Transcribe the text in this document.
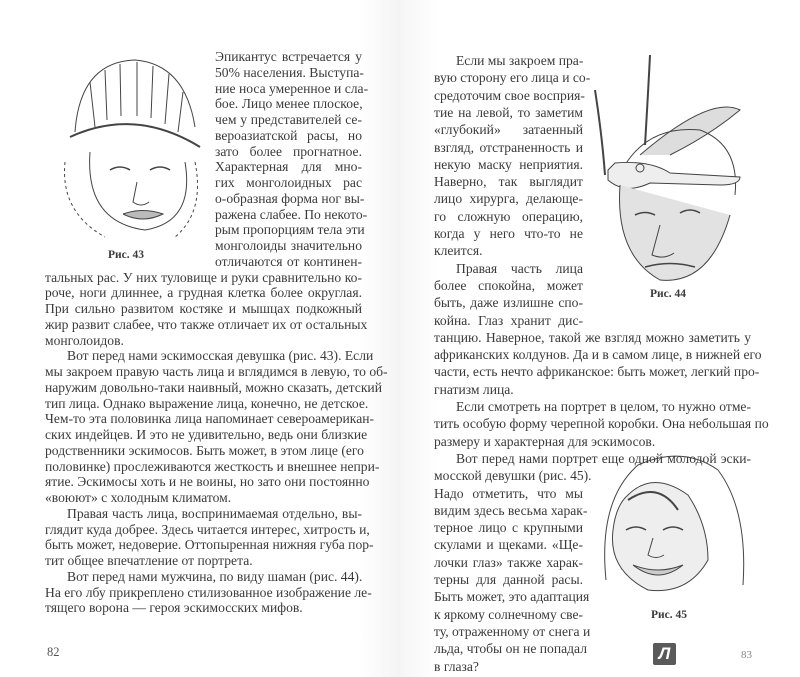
Рис. 43
Рис. 44
Рис. 45
82	83
Л
Эпикантус встречается у
50% населения. Выступа-
ние носа умеренное и сла-
бое. Лицо менее плоское,
чем у представителей се-
вероазиатской расы, но
зато более прогнатное.
Характерная для мно-
гих монголоидных рас
о-образная форма ног вы-
ражена слабее. По некото-
рым пропорциям тела эти
монголоиды значительно
отличаются от континен-
тальных рас. У них туловище и руки сравнительно ко-
роче, ноги длиннее, а грудная клетка более округлая.
При сильно развитом костяке и мышцах подкожный
жир развит слабее, что также отличает их от остальных
монголоидов.
Вот перед нами эскимосская девушка (рис. 43). Если
мы закроем правую часть лица и вглядимся в левую, то об-
наружим довольно-таки наивный, можно сказать, детский
тип лица. Однако выражение лица, конечно, не детское.
Чем-то эта половинка лица напоминает североамерикан-
ских индейцев. И это не удивительно, ведь они близкие
родственники эскимосов. Быть может, в этом лице (его
половинке) прослеживаются жесткость и внешнее непри-
ятие. Эскимосы хоть и не воины, но зато они постоянно
«воюют» с холодным климатом.
Правая часть лица, воспринимаемая отдельно, вы-
глядит куда добрее. Здесь читается интерес, хитрость и,
быть может, недоверие. Оттопыренная нижняя губа пор-
тит общее впечатление от портрета.
Вот перед нами мужчина, по виду шаман (рис. 44).
На его лбу прикреплено стилизованное изображение ле-
тящего ворона — героя эскимосских мифов.
Если мы закроем пра-
вую сторону его лица и со-
средоточим свое восприя-
тие на левой, то заметим
«глубокий» затаенный
взгляд, отстраненность и
некую маску неприятия.
Наверно, так выглядит
лицо хирурга, делающе-
го сложную операцию,
когда у него что-то не
клеится.
Правая часть лица
более спокойна, может
быть, даже излишне спо-
койна. Глаз хранит дис-
танцию. Наверное, такой же взгляд можно заметить у
африканских колдунов. Да и в самом лице, в нижней его
части, есть нечто африканское: быть может, легкий про-
гнатизм лица.
Если смотреть на портрет в целом, то нужно отме-
тить особую форму черепной коробки. Она небольшая по
размеру и характерная для эскимосов.
Вот перед нами портрет еще одной молодой эски-
мосской девушки (рис. 45).
Надо отметить, что мы
видим здесь весьма харак-
терное лицо с крупными
скулами и щеками. «Ще-
лочки глаз» также харак-
терны для данной расы.
Быть может, это адаптация
к яркому солнечному све-
ту, отраженному от снега и
льда, чтобы он не попадал
в глаза?
